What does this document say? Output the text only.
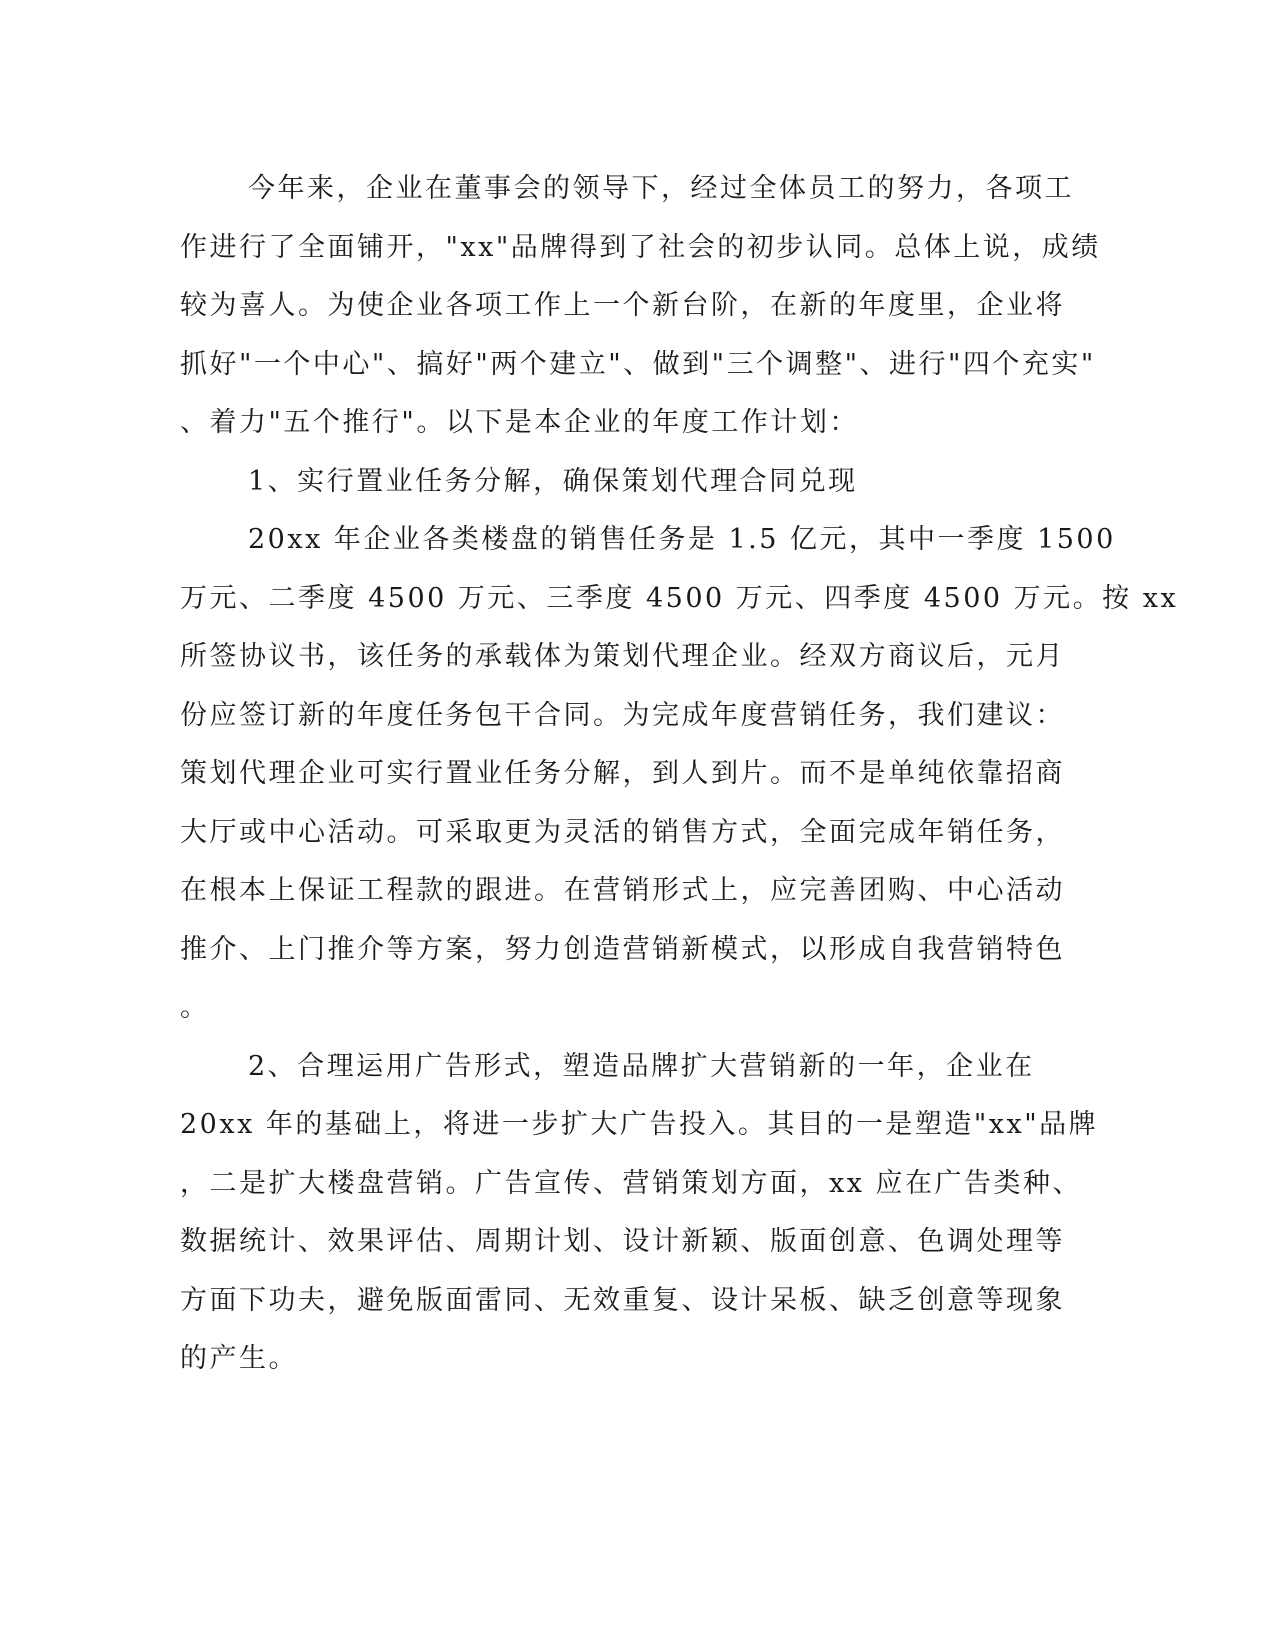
今年来，企业在董事会的领导下，经过全体员工的努力，各项工
作进行了全面铺开，"xx"品牌得到了社会的初步认同。总体上说，成绩
较为喜人。为使企业各项工作上一个新台阶，在新的年度里，企业将
抓好"一个中心"、搞好"两个建立"、做到"三个调整"、进行"四个充实"
、着力"五个推行"。以下是本企业的年度工作计划：
1、实行置业任务分解，确保策划代理合同兑现
20xx 年企业各类楼盘的销售任务是 1.5 亿元，其中一季度 1500
万元、二季度 4500 万元、三季度 4500 万元、四季度 4500 万元。按 xx
所签协议书，该任务的承载体为策划代理企业。经双方商议后，元月
份应签订新的年度任务包干合同。为完成年度营销任务，我们建议：
策划代理企业可实行置业任务分解，到人到片。而不是单纯依靠招商
大厅或中心活动。可采取更为灵活的销售方式，全面完成年销任务，
在根本上保证工程款的跟进。在营销形式上，应完善团购、中心活动
推介、上门推介等方案，努力创造营销新模式，以形成自我营销特色
。
2、合理运用广告形式，塑造品牌扩大营销新的一年，企业在
20xx 年的基础上，将进一步扩大广告投入。其目的一是塑造"xx"品牌
，二是扩大楼盘营销。广告宣传、营销策划方面，xx 应在广告类种、
数据统计、效果评估、周期计划、设计新颖、版面创意、色调处理等
方面下功夫，避免版面雷同、无效重复、设计呆板、缺乏创意等现象
的产生。
